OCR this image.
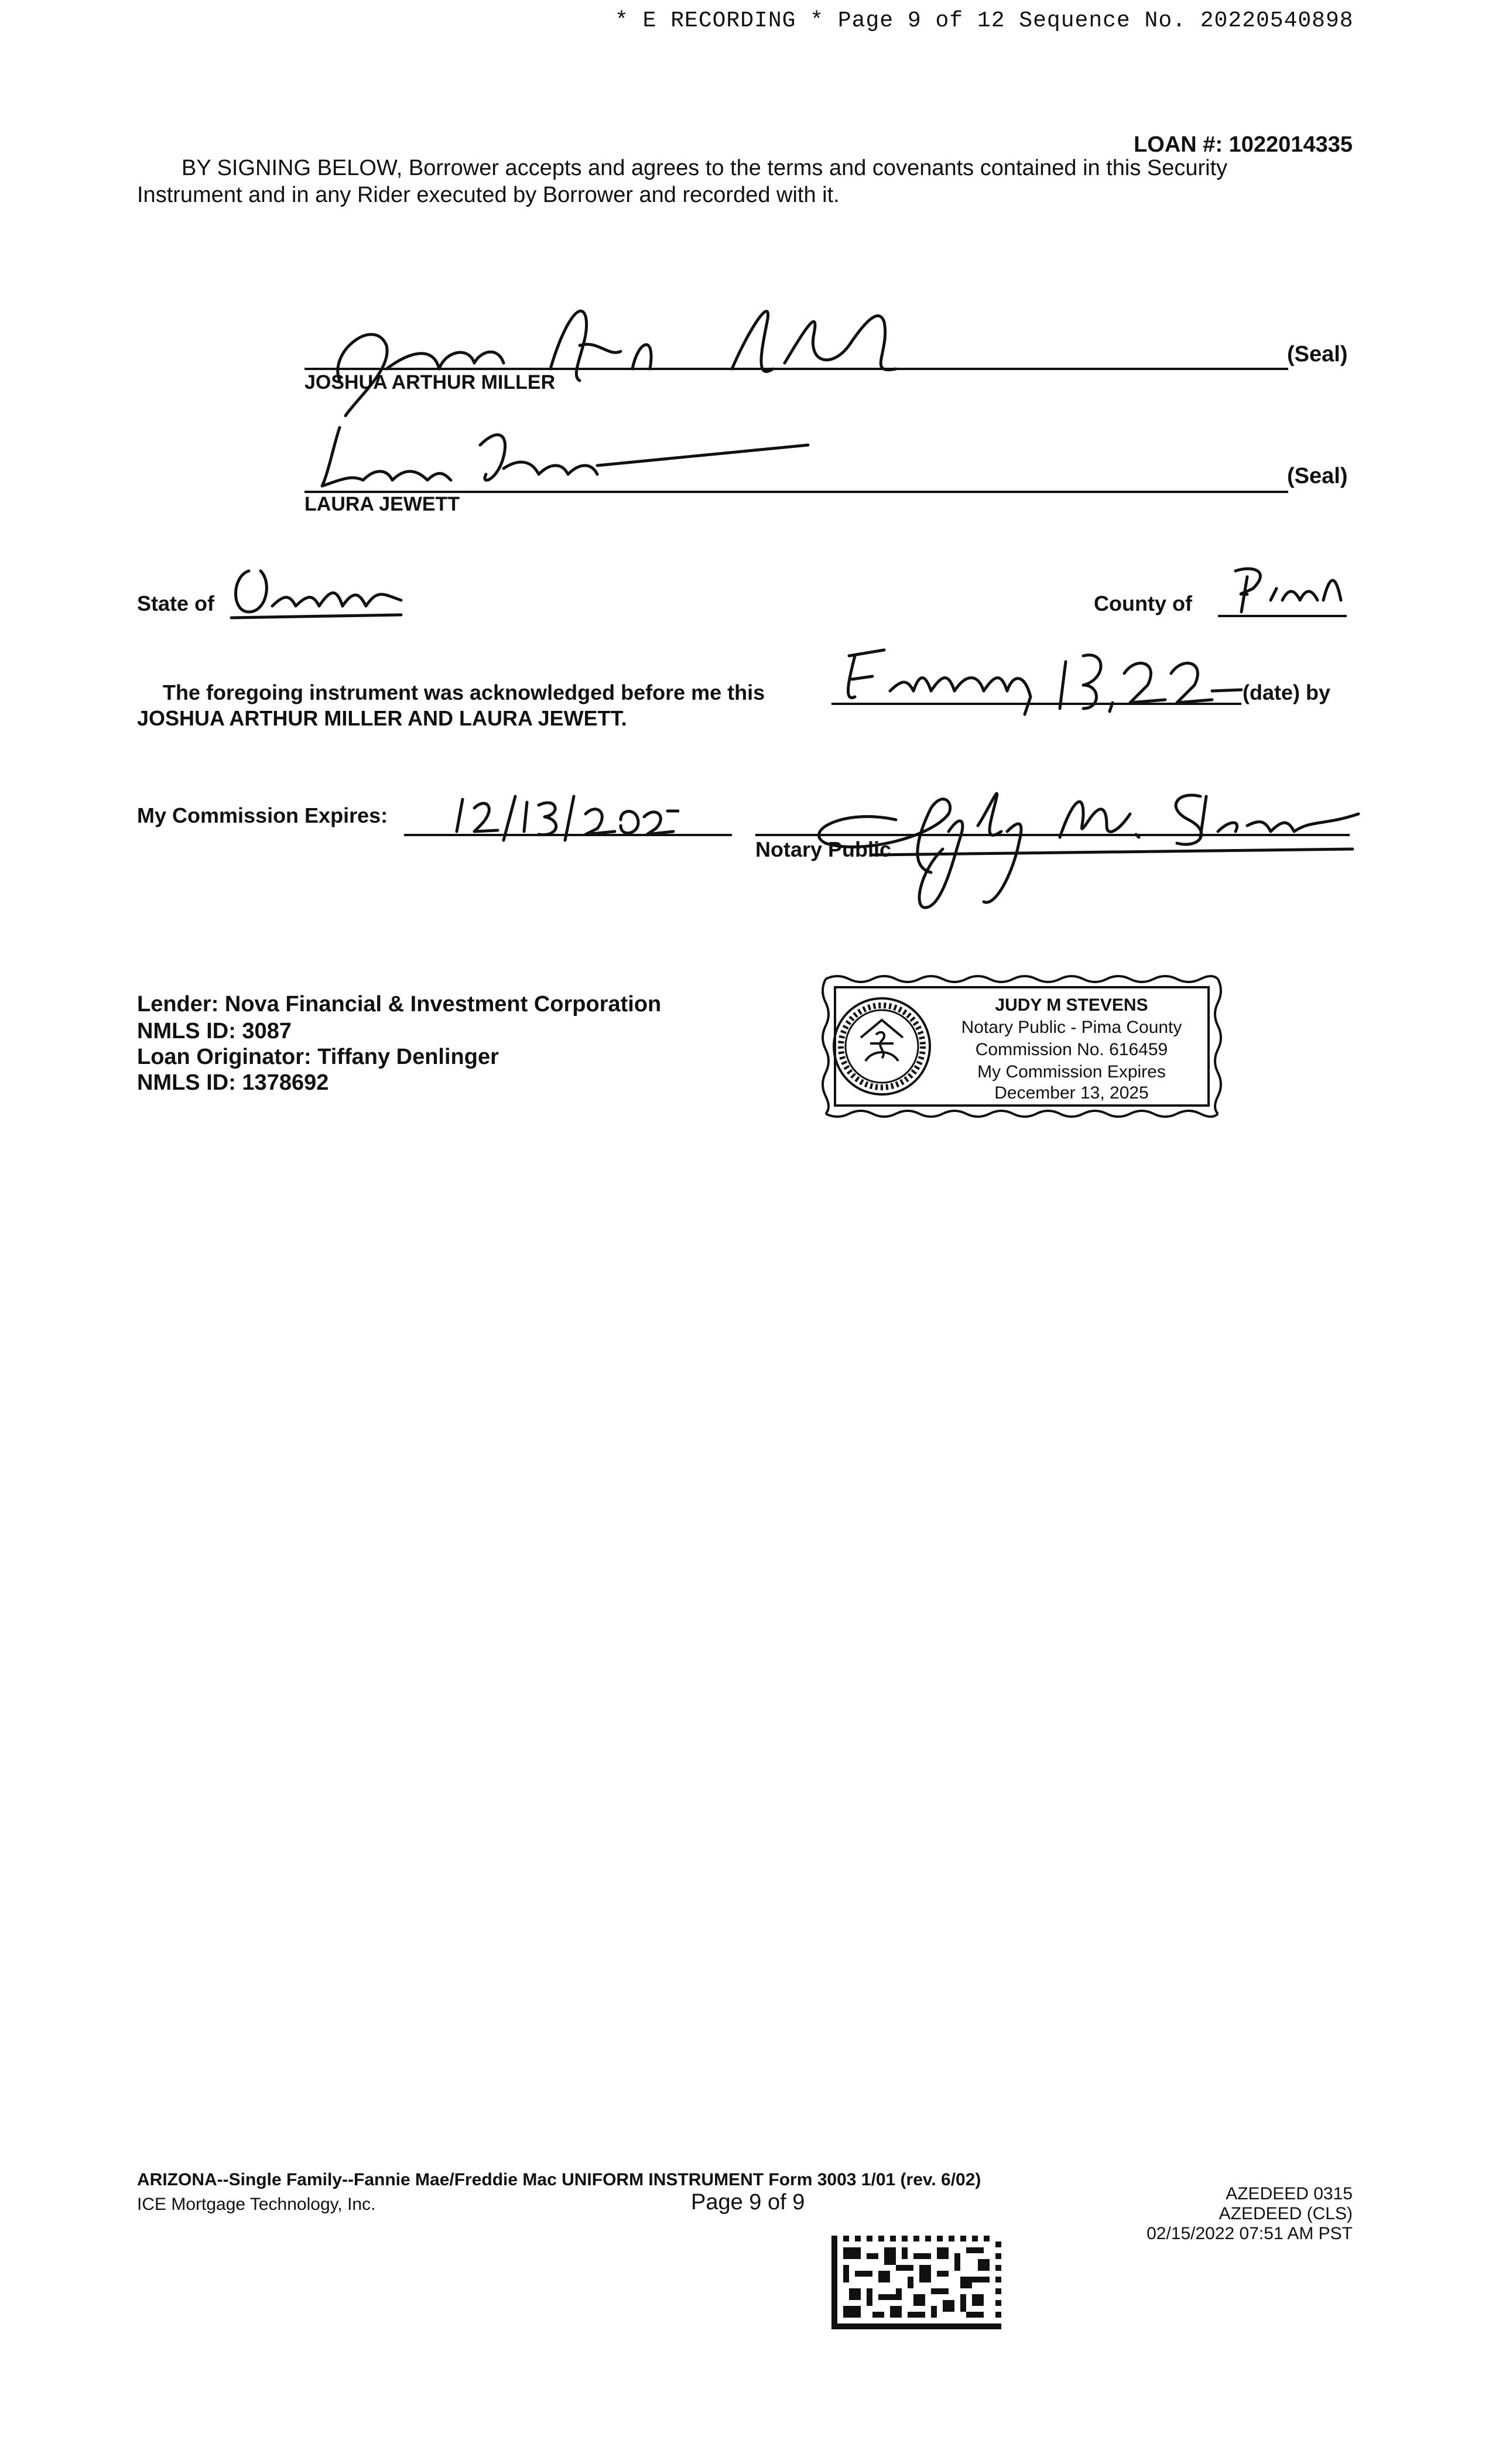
* E RECORDING * Page 9 of 12 Sequence No. 20220540898
LOAN #: 1022014335
BY SIGNING BELOW, Borrower accepts and agrees to the terms and covenants contained in this Security
Instrument and in any Rider executed by Borrower and recorded with it.
JOSHUA ARTHUR MILLER
(Seal)
LAURA JEWETT
(Seal)
State of	County of
The foregoing instrument was acknowledged before me this	(date) by
JOSHUA ARTHUR MILLER AND LAURA JEWETT.
My Commission Expires:
Notary Public
Lender: Nova Financial & Investment Corporation
NMLS ID: 3087
Loan Originator: Tiffany Denlinger
NMLS ID: 1378692
JUDY M STEVENS
Notary Public - Pima County
Commission No. 616459
My Commission Expires
December 13, 2025
ARIZONA--Single Family--Fannie Mae/Freddie Mac UNIFORM INSTRUMENT Form 3003 1/01 (rev. 6/02)
ICE Mortgage Technology, Inc.	Page 9 of 9	AZEDEED 0315
AZEDEED (CLS)
02/15/2022 07:51 AM PST
